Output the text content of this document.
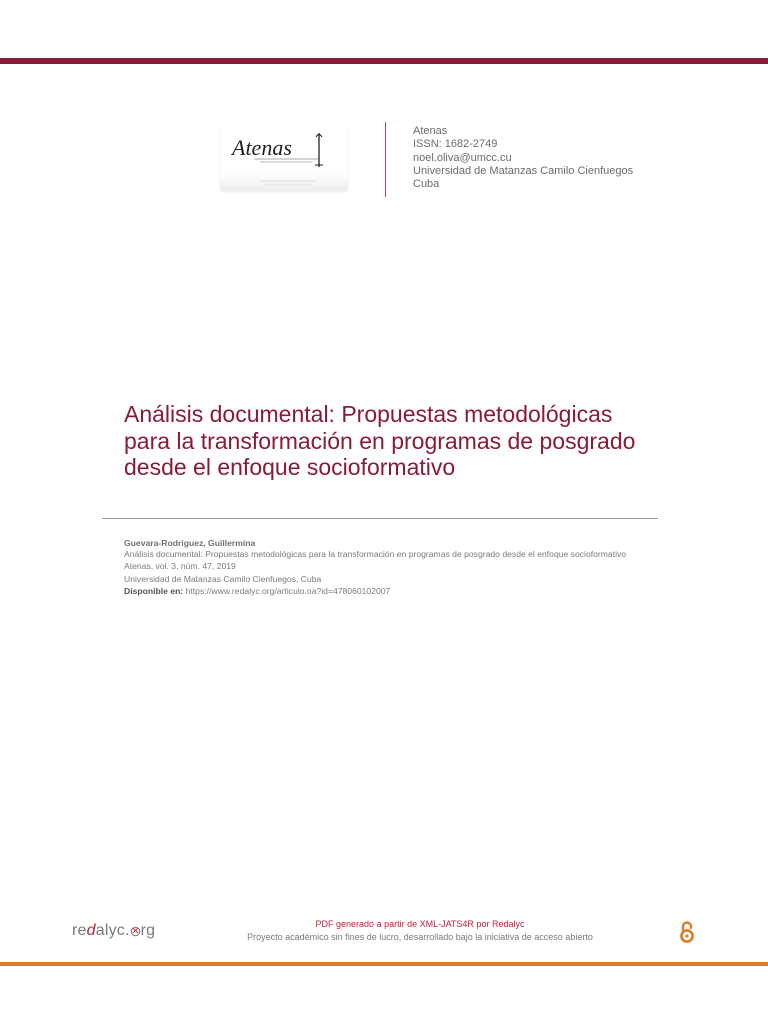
Atenas
Atenas
ISSN: 1682-2749
noel.oliva@umcc.cu
Universidad de Matanzas Camilo Cienfuegos
Cuba
Análisis documental: Propuestas metodológicas para la transformación en programas de posgrado desde el enfoque socioformativo
Guevara-Rodriguez, Guillermina
Análisis documental: Propuestas metodológicas para la transformación en programas de posgrado desde el enfoque socioformativo
Atenas, vol. 3, núm. 47, 2019
Universidad de Matanzas Camilo Cienfuegos, Cuba
Disponible en: https://www.redalyc.org/articulo.oa?id=478060102007
re d alyc. rg	PDF generado a partir de XML-JATS4R por Redalyc
Proyecto académico sin fines de lucro, desarrollado bajo la iniciativa de acceso abierto
